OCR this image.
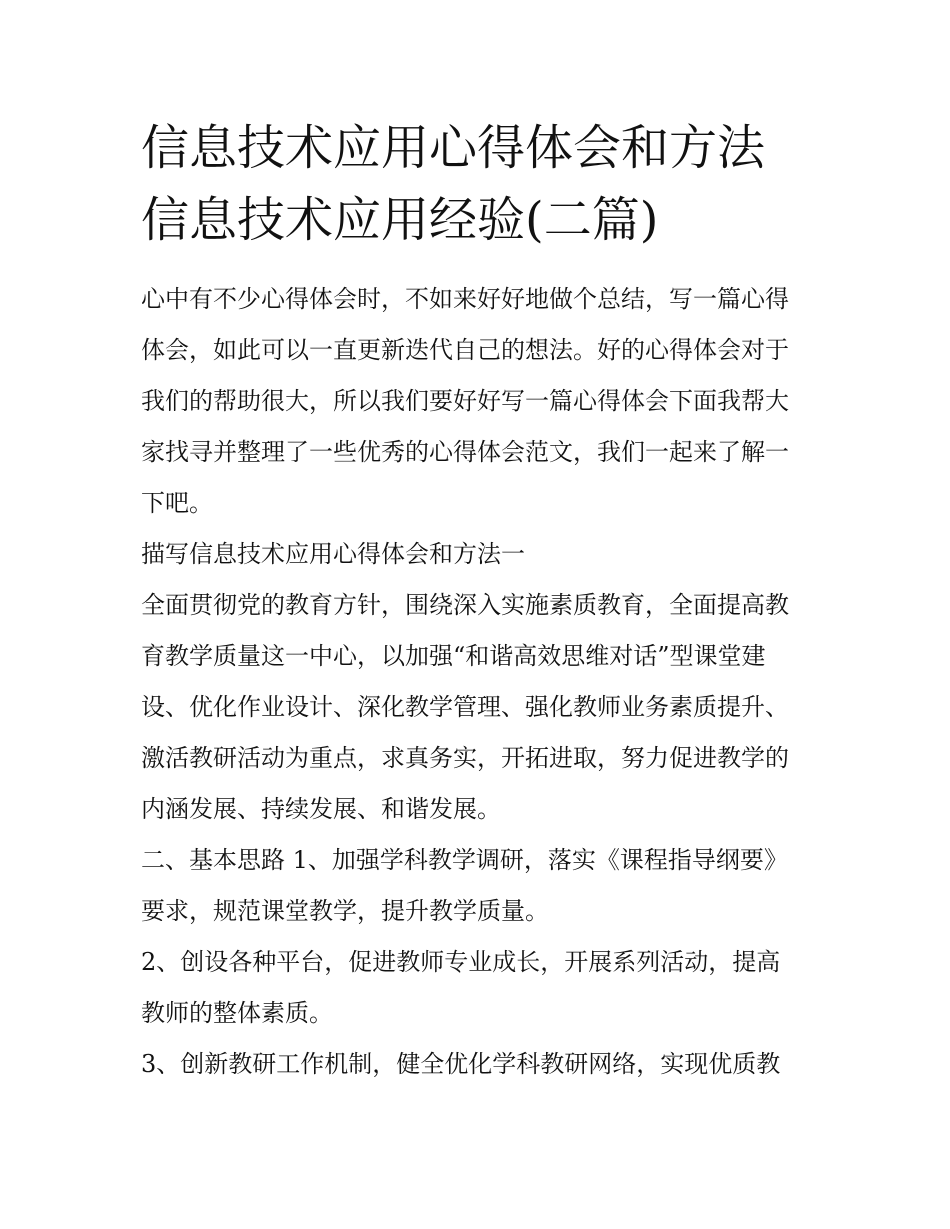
信息技术应用心得体会和方法
信息技术应用经验(二篇)

心中有不少心得体会时，不如来好好地做个总结，写一篇心得
体会，如此可以一直更新迭代自己的想法。好的心得体会对于
我们的帮助很大，所以我们要好好写一篇心得体会下面我帮大
家找寻并整理了一些优秀的心得体会范文，我们一起来了解一
下吧。

描写信息技术应用心得体会和方法一

全面贯彻党的教育方针，围绕深入实施素质教育，全面提高教
育教学质量这一中心，以加强“和谐高效思维对话”型课堂建
设、优化作业设计、深化教学管理、强化教师业务素质提升、
激活教研活动为重点，求真务实，开拓进取，努力促进教学的
内涵发展、持续发展、和谐发展。

二、基本思路 1、加强学科教学调研，落实《课程指导纲要》
要求，规范课堂教学，提升教学质量。

2、创设各种平台，促进教师专业成长，开展系列活动，提高
教师的整体素质。

3、创新教研工作机制，健全优化学科教研网络，实现优质教
